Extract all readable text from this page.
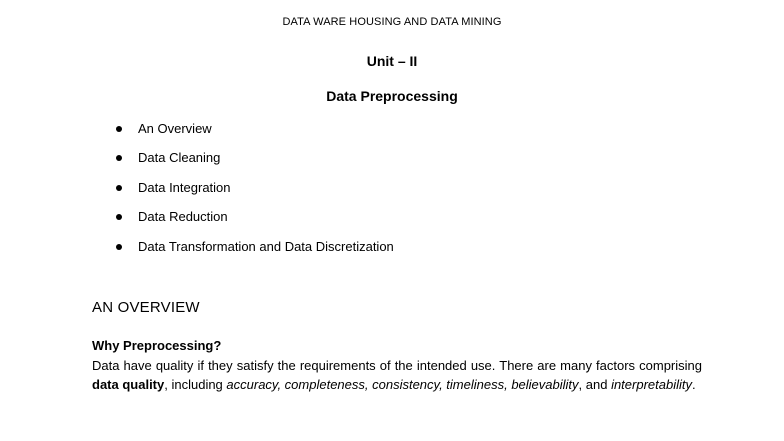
DATA WARE HOUSING AND DATA MINING
Unit – II
Data Preprocessing
An Overview
Data Cleaning
Data Integration
Data Reduction
Data Transformation and Data Discretization
AN OVERVIEW
Why Preprocessing?
Data have quality if they satisfy the requirements of the intended use. There are many factors comprising data quality, including accuracy, completeness, consistency, timeliness, believability, and interpretability.
